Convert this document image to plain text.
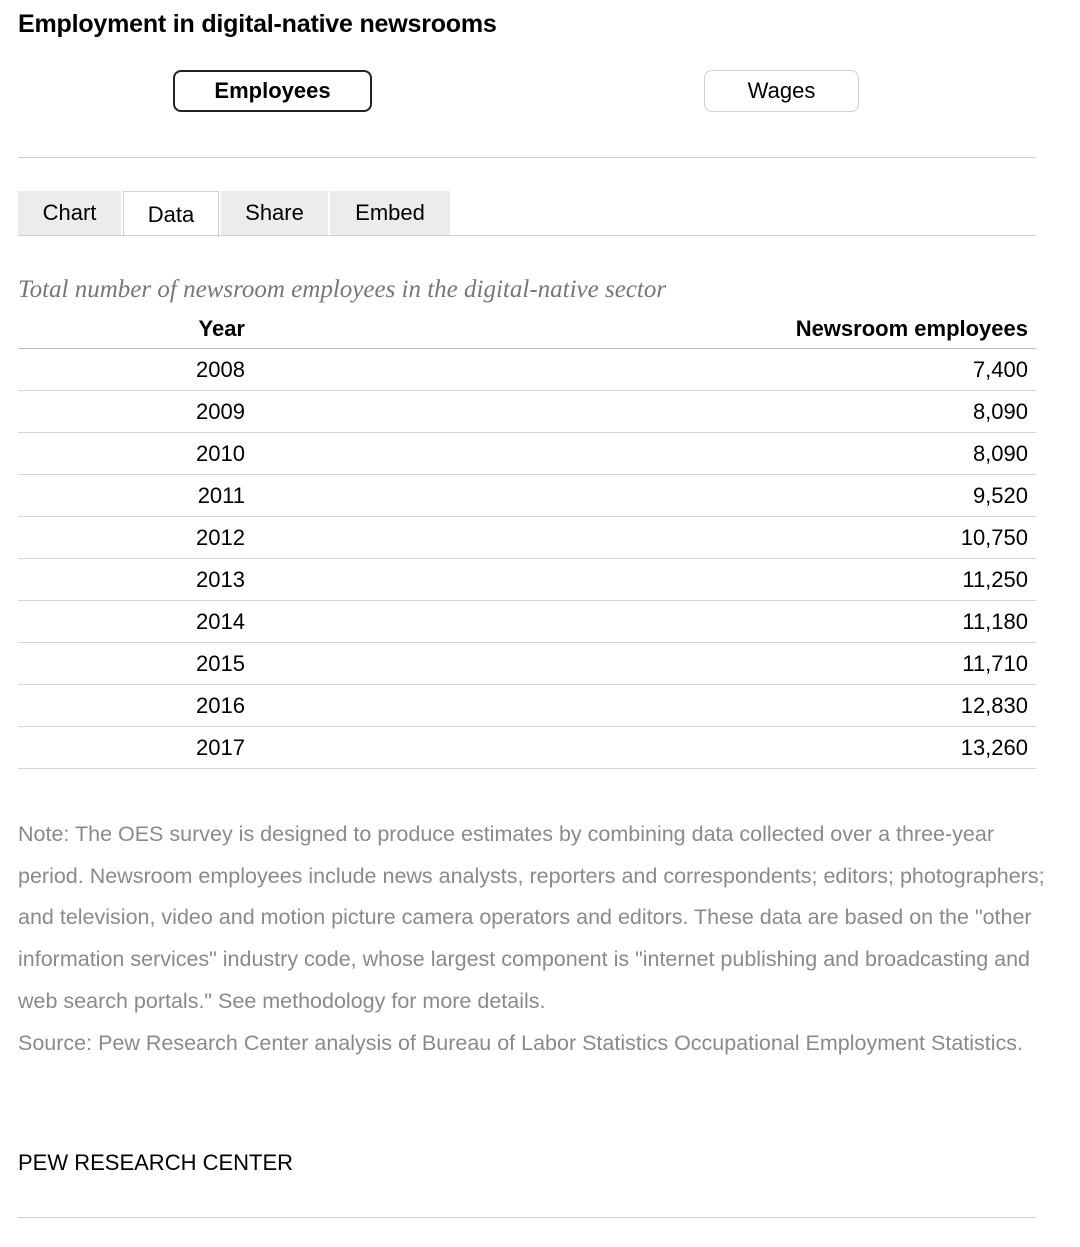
Employment in digital-native newsrooms
Employees	Wages
Chart	Data	Share	Embed
Total number of newsroom employees in the digital-native sector
Year	Newsroom employees
2008	7,400
2009	8,090
2010	8,090
2011	9,520
2012	10,750
2013	11,250
2014	11,180
2015	11,710
2016	12,830
2017	13,260

Note: The OES survey is designed to produce estimates by combining data collected over a three-year period. Newsroom employees include news analysts, reporters and correspondents; editors; photographers; and television, video and motion picture camera operators and editors. These data are based on the "other information services" industry code, whose largest component is "internet publishing and broadcasting and web search portals." See methodology for more details.

Source: Pew Research Center analysis of Bureau of Labor Statistics Occupational Employment Statistics.

PEW RESEARCH CENTER
